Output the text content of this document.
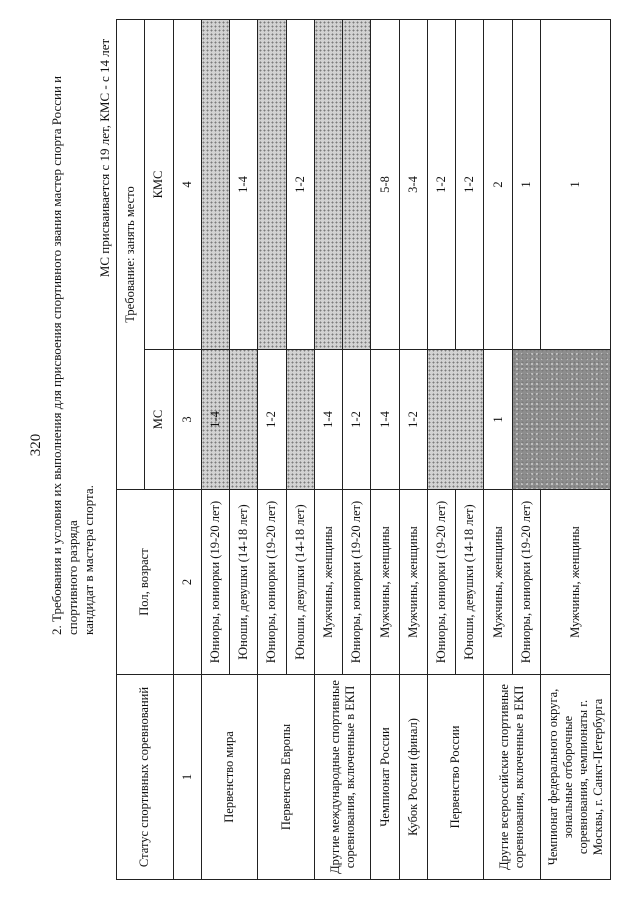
320 2. Требования и условия их выполнения для присвоения спортивного звания мастер спорта России и спортивного разряда кандидат в мастера спорта.
МС присваивается с 19 лет, КМС - с 14 лет
Статус спортивных соревнований	Пол, возраст	Требование: занять место	
		МС	КМС
1	2	3	4
Первенство мира	Юниоры, юниорки (19-20 лет)	1-4	
	Юноши, девушки (14-18 лет)		1-4
Первенство Европы	Юниоры, юниорки (19-20 лет)	1-2	
	Юноши, девушки (14-18 лет)		1-2
Другие международные спортивные соревнования, включенные в ЕКП	Мужчины, женщины	1-4	
	Юниоры, юниорки (19-20 лет)	1-2	
Чемпионат России	Мужчины, женщины	1-4	5-8
Кубок России (финал)	Мужчины, женщины	1-2	3-4
Первенство России	Юниоры, юниорки (19-20 лет)		1-2
	Юноши, девушки (14-18 лет)		1-2
Другие всероссийские спортивные соревнования, включенные в ЕКП	Мужчины, женщины	1	2
	Юниоры, юниорки (19-20 лет)		1
Чемпионат федерального округа, зональные отборочные соревнования, чемпионаты г. Москвы, г. Санкт-Петербурга	Мужчины, женщины		1
